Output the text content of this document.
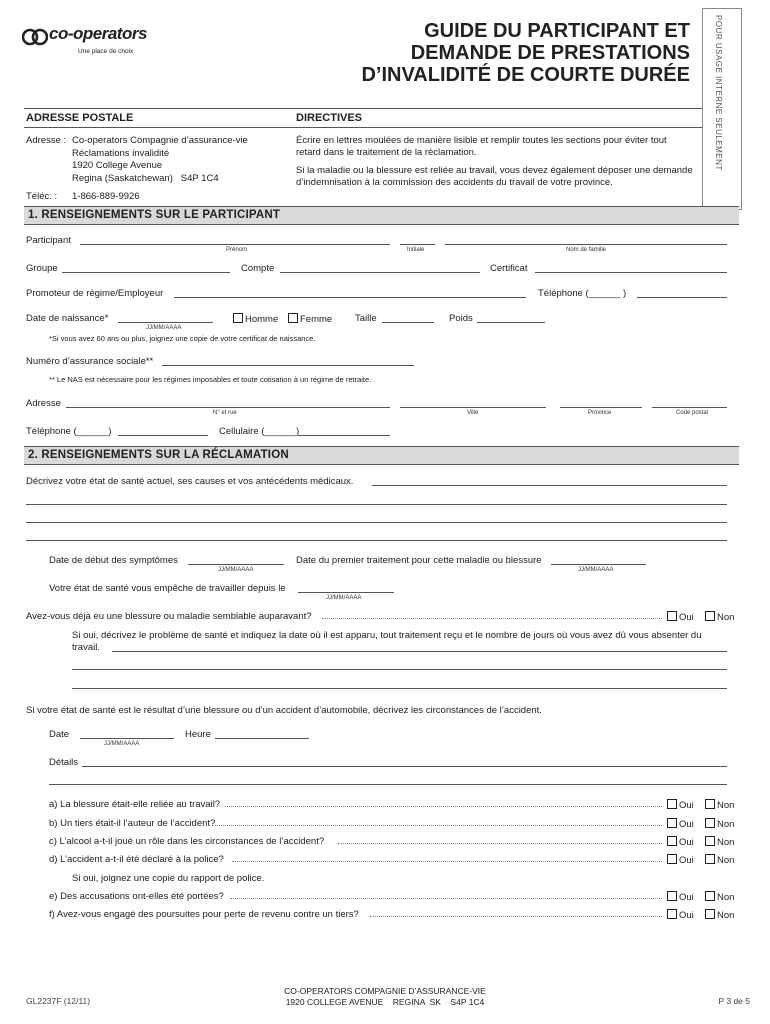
co-operators
Une place de choix
GUIDE DU PARTICIPANT ET
DEMANDE DE PRESTATIONS
D’INVALIDITÉ DE COURTE DURÉE	POUR USAGE INTERNE SEULEMENT
ADRESSE POSTALE	DIRECTIVES
Adresse : Co-operators Compagnie d’assurance-vie
Réclamations invalidité
1920 College Avenue
Regina (Saskatchewan)   S4P 1C4
Téléc. : 1-866-889-9926
Écrire en lettres moulées de manière lisible et remplir toutes les sections pour éviter tout retard dans le traitement de la réclamation.
Si la maladie ou la blessure est reliée au travail, vous devez également déposer une demande d’indemnisation à la commission des accidents du travail de votre province.
1. RENSEIGNEMENTS SUR LE PARTICIPANT
Participant
Prénom	Initiale	Nom de famille
Groupe	Compte	Certificat
Promoteur de régime/Employeur	Téléphone (______ )
Date de naissance*
JJ/MM/AAAA
Homme	Femme Taille	Poids
*Si vous avez 60 ans ou plus, joignez une copie de votre certificat de naissance.
Numéro d’assurance sociale**
** Le NAS est nécessaire pour les régimes imposables et toute cotisation à un régime de retraite.
Adresse
N° et rue	Ville	Province	Code postal
Téléphone (______)	Cellulaire (______)
2. RENSEIGNEMENTS SUR LA RÉCLAMATION
Décrivez votre état de santé actuel, ses causes et vos antécédents médicaux.
Date de début des symptômes
JJ/MM/AAAA
Date du premier traitement pour cette maladie ou blessure
JJ/MM/AAAA
Votre état de santé vous empêche de travailler depuis le
JJ/MM/AAAA
Avez-vous déjà eu une blessure ou maladie semblable auparavant?	Oui	Non
Si oui, décrivez le problème de santé et indiquez la date où il est apparu, tout traitement reçu et le nombre de jours où vous avez dû vous absenter du travail.
Si votre état de santé est le résultat d’une blessure ou d’un accident d’automobile, décrivez les circonstances de l’accident.
Date
JJ/MM/AAAA
Heure
Détails
a) La blessure était-elle reliée au travail?	Oui	Non
b) Un tiers était-il l’auteur de l’accident?	Oui	Non
c) L’alcool a-t-il joué un rôle dans les circonstances de l’accident?	Oui	Non
d) L’accident a-t-il été déclaré à la police?	Oui	Non
Si oui, joignez une copie du rapport de police.
e) Des accusations ont-elles été portées?	Oui	Non
f) Avez-vous engagé des poursuites pour perte de revenu contre un tiers?	Oui	Non
GL2237F (12/11)
CO-OPERATORS COMPAGNIE D’ASSURANCE-VIE
1920 COLLEGE AVENUE    REGINA  SK    S4P 1C4	P 3 de 5
